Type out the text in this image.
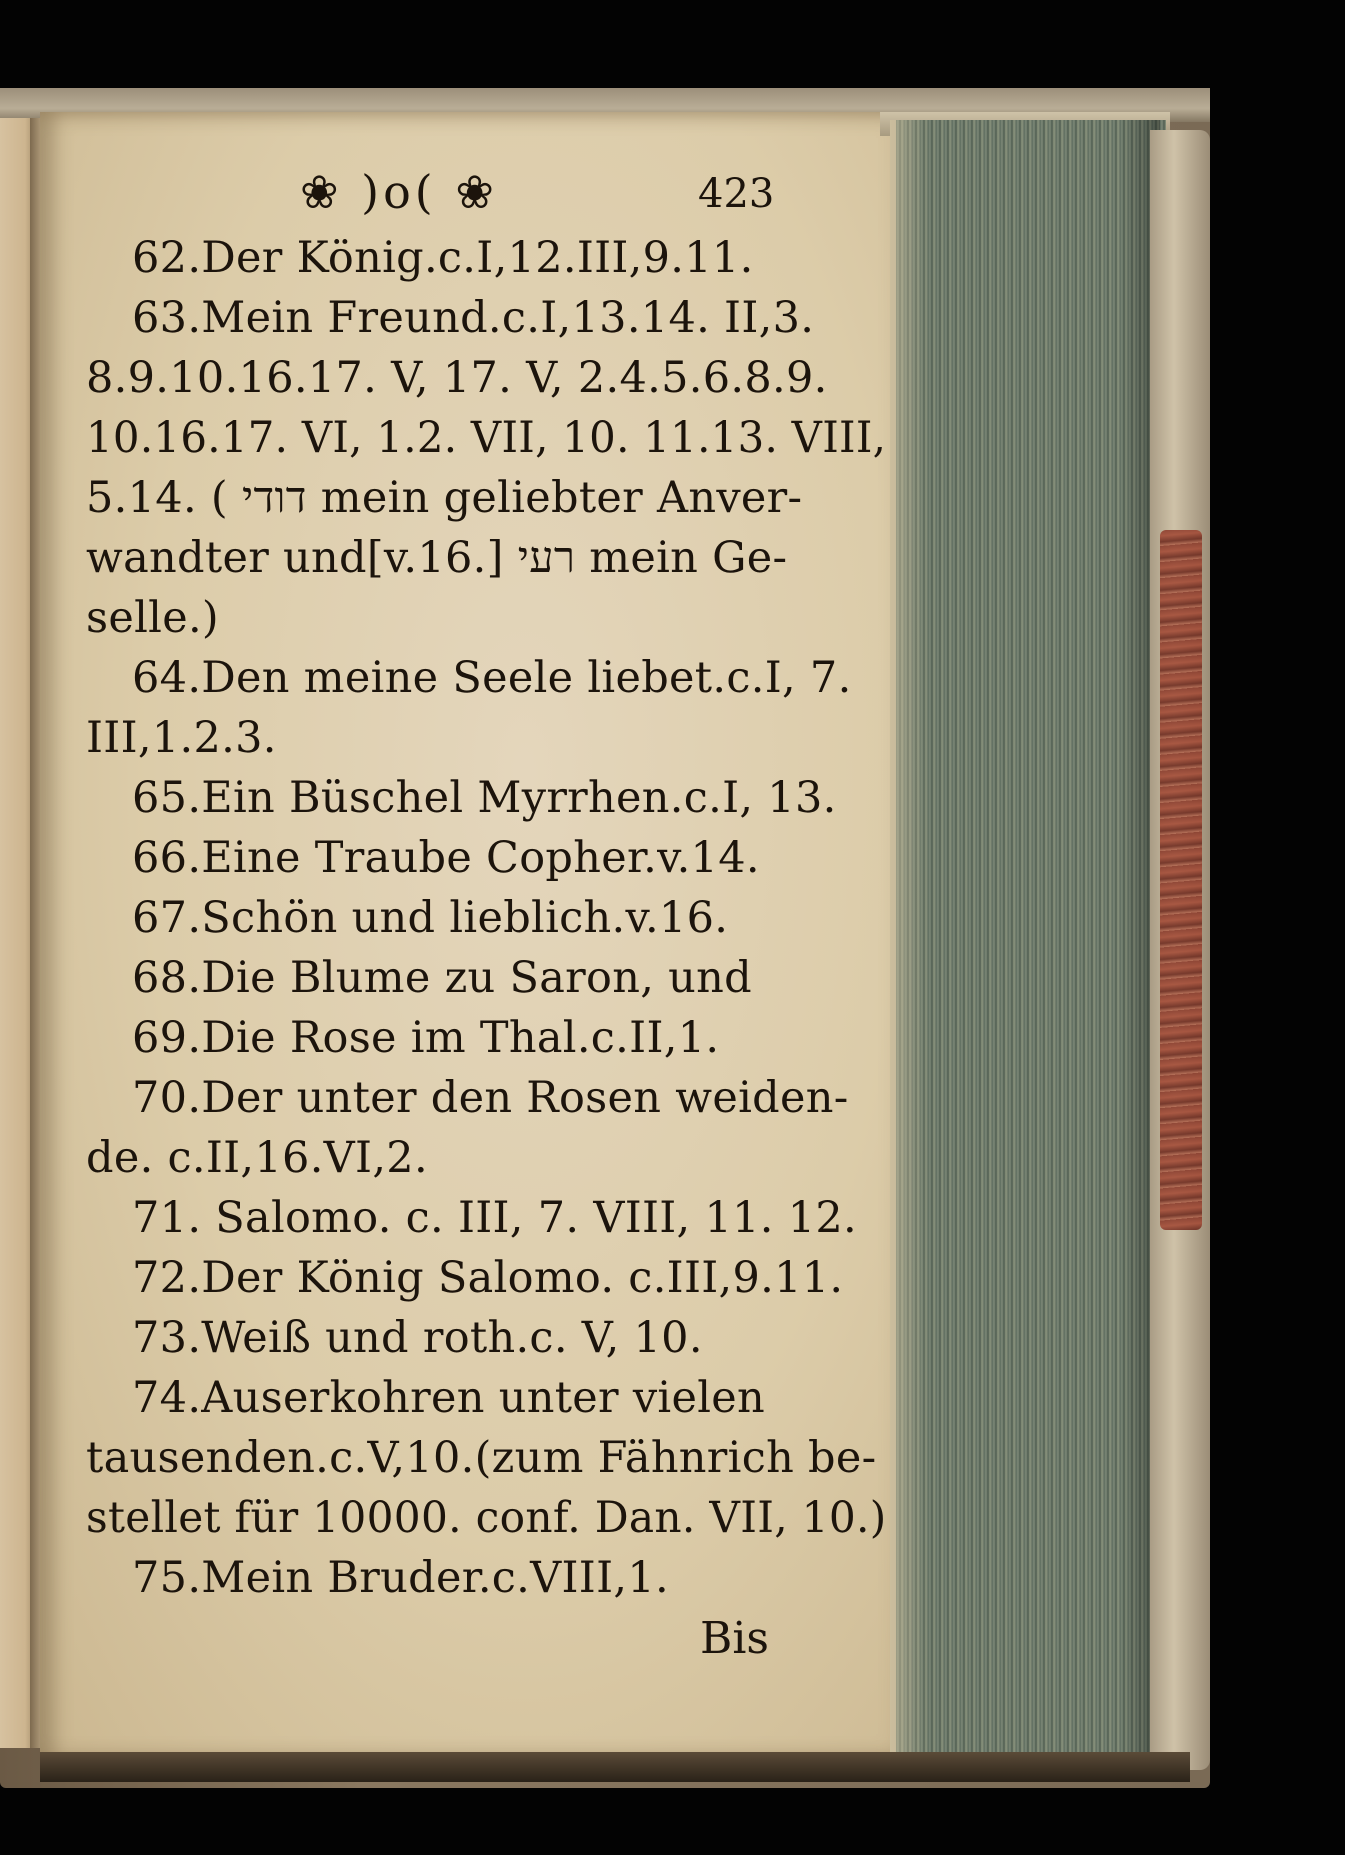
❀ )o( ❀	423
62.Der König.c.I,12.III,9.11.
63.Mein Freund.c.I,13.14. II,3.
8.9.10.16.17. V, 17. V, 2.4.5.6.8.9.
10.16.17. VI, 1.2. VII, 10. 11.13. VIII,
5.14. ( דודי mein geliebter Anver-
wandter und[v.16.] רעי mein Ge-
selle.)
64.Den meine Seele liebet.c.I, 7.
III,1.2.3.
65.Ein Büschel Myrrhen.c.I, 13.
66.Eine Traube Copher.v.14.
67.Schön und lieblich.v.16.
68.Die Blume zu Saron, und
69.Die Rose im Thal.c.II,1.
70.Der unter den Rosen weiden-
de. c.II,16.VI,2.
71. Salomo. c. III, 7. VIII, 11. 12.
72.Der König Salomo. c.III,9.11.
73.Weiß und roth.c. V, 10.
74.Auserkohren unter vielen
tausenden.c.V,10.(zum Fähnrich be-
stellet für 10000. conf. Dan. VII, 10.)
75.Mein Bruder.c.VIII,1.
Bis
